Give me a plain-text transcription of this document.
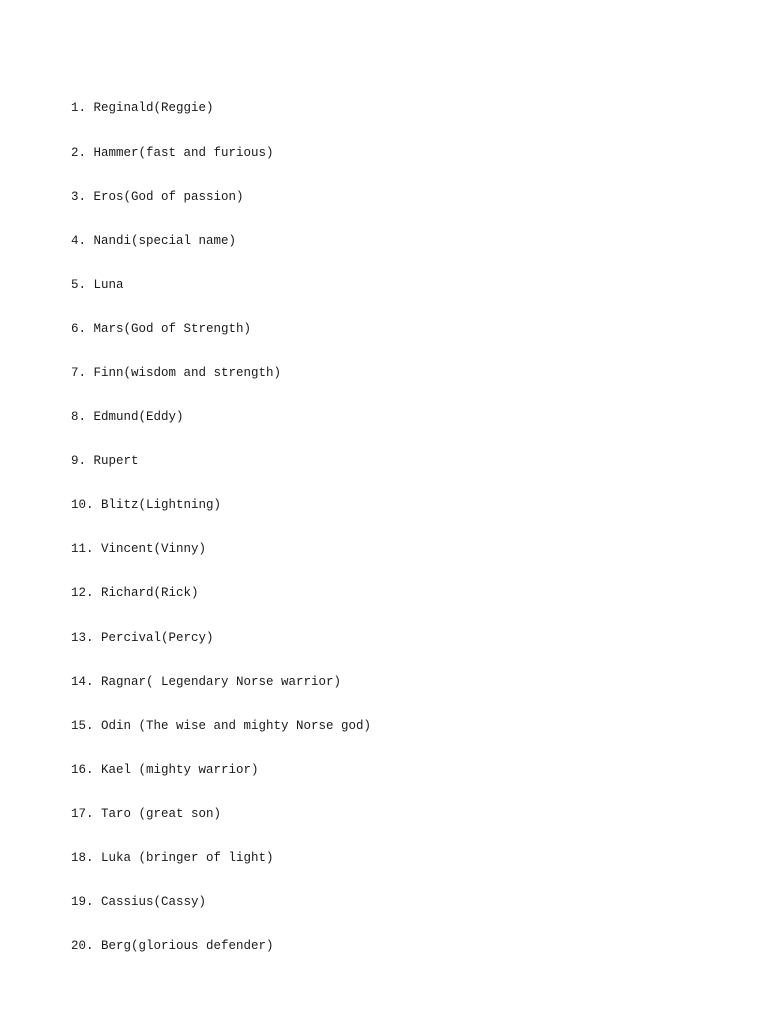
1. Reginald(Reggie)

2. Hammer(fast and furious)

3. Eros(God of passion)

4. Nandi(special name)

5. Luna

6. Mars(God of Strength)

7. Finn(wisdom and strength)

8. Edmund(Eddy)

9. Rupert

10. Blitz(Lightning)

11. Vincent(Vinny)

12. Richard(Rick)

13. Percival(Percy)

14. Ragnar( Legendary Norse warrior)

15. Odin (The wise and mighty Norse god)

16. Kael (mighty warrior)

17. Taro (great son)

18. Luka (bringer of light)

19. Cassius(Cassy)

20. Berg(glorious defender)
